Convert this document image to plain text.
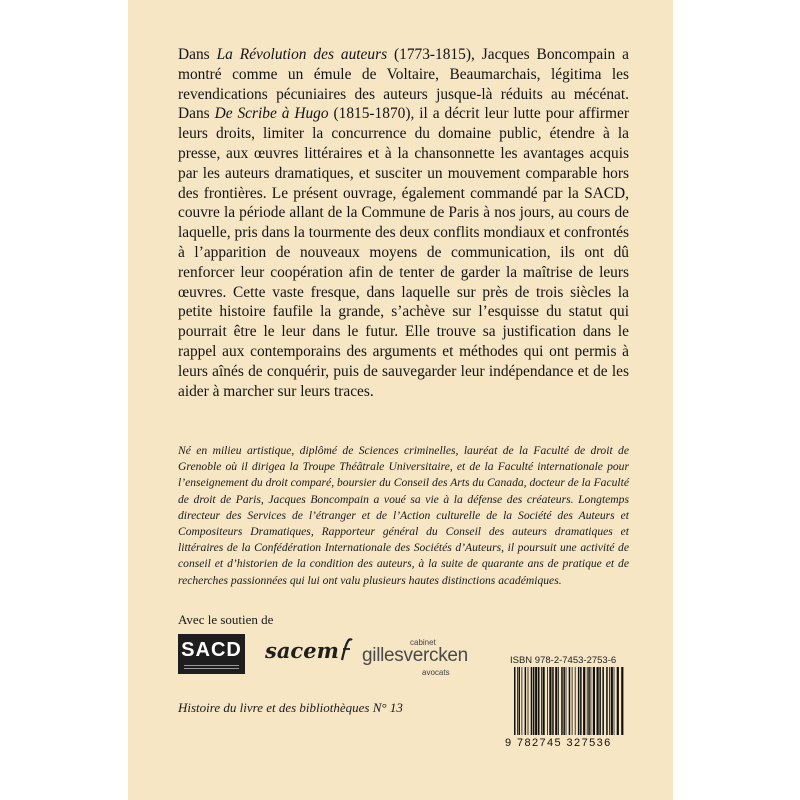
Dans La Révolution des auteurs (1773-1815), Jacques Boncompain a montré comme un émule de Voltaire, Beaumarchais, légitima les revendications pécuniaires des auteurs jusque-là réduits au mécénat. Dans De Scribe à Hugo (1815-1870), il a décrit leur lutte pour affirmer leurs droits, limiter la concurrence du domaine public, étendre à la presse, aux œuvres littéraires et à la chansonnette les avantages acquis par les auteurs dramatiques, et susciter un mouvement comparable hors des frontières. Le présent ouvrage, également commandé par la SACD, couvre la période allant de la Commune de Paris à nos jours, au cours de laquelle, pris dans la tourmente des deux conflits mondiaux et confrontés à l’apparition de nouveaux moyens de communication, ils ont dû renforcer leur coopération afin de tenter de garder la maîtrise de leurs œuvres. Cette vaste fresque, dans laquelle sur près de trois siècles la petite histoire faufile la grande, s’achève sur l’esquisse du statut qui pourrait être le leur dans le futur. Elle trouve sa justification dans le rappel aux contemporains des arguments et méthodes qui ont permis à leurs aînés de conquérir, puis de sauvegarder leur indépendance et de les aider à marcher sur leurs traces.

Né en milieu artistique, diplômé de Sciences criminelles, lauréat de la Faculté de droit de Grenoble où il dirigea la Troupe Théâtrale Universitaire, et de la Faculté internationale pour l’enseignement du droit comparé, boursier du Conseil des Arts du Canada, docteur de la Faculté de droit de Paris, Jacques Boncompain a voué sa vie à la défense des créateurs. Longtemps directeur des Services de l’étranger et de l’Action culturelle de la Société des Auteurs et Compositeurs Dramatiques, Rapporteur général du Conseil des auteurs dramatiques et littéraires de la Confédération Internationale des Sociétés d’Auteurs, il poursuit une activité de conseil et d’historien de la condition des auteurs, à la suite de quarante ans de pratique et de recherches passionnées qui lui ont valu plusieurs hautes distinctions académiques.

Avec le soutien de
SACD sacem	cabinet
gillesvercken
avocats
Histoire du livre et des bibliothèques N° 13
ISBN 978-2-7453-2753-6
9 782745 327536
